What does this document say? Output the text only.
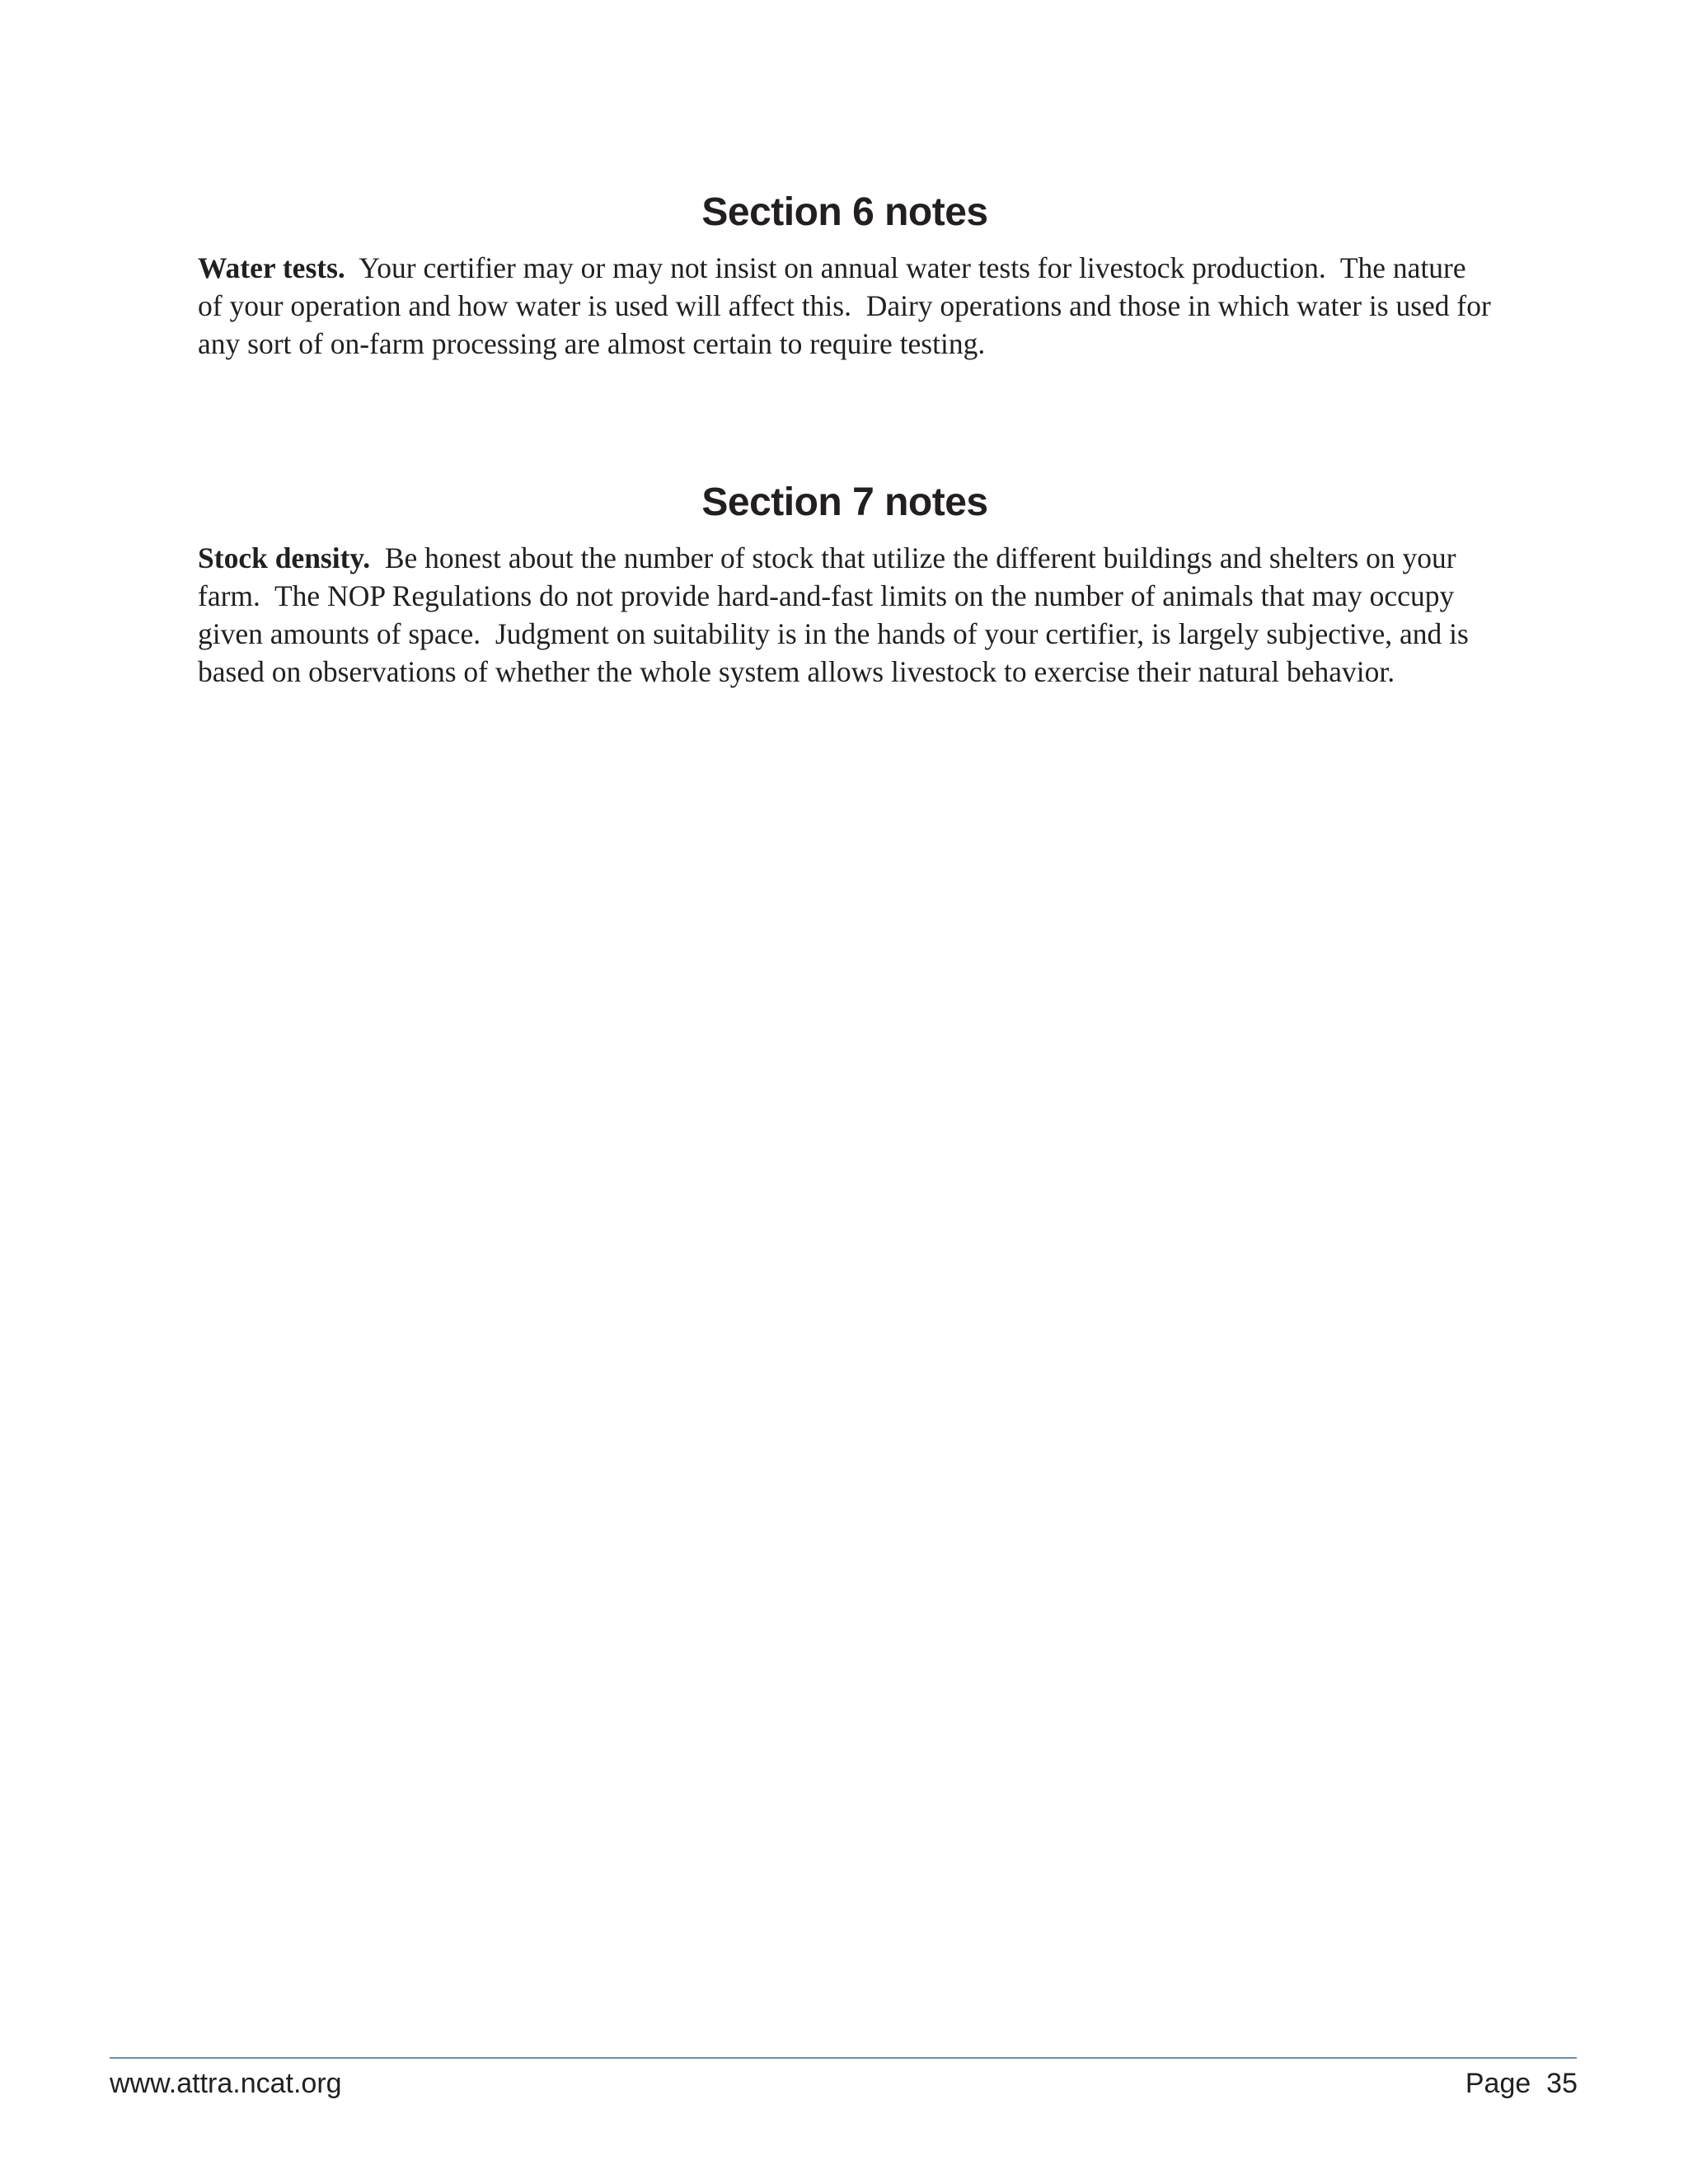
Section 6 notes

Water tests.  Your certifier may or may not insist on annual water tests for livestock production.  The nature of your operation and how water is used will affect this.  Dairy operations and those in which water is used for any sort of on-farm processing are almost certain to require testing.

Section 7 notes

Stock density.  Be honest about the number of stock that utilize the different buildings and shelters on your farm.  The NOP Regulations do not provide hard-and-fast limits on the number of animals that may occupy given amounts of space.  Judgment on suitability is in the hands of your certifier, is largely subjective, and is based on observations of whether the whole system allows livestock to exercise their natural behavior.

www.attra.ncat.org	Page 35
